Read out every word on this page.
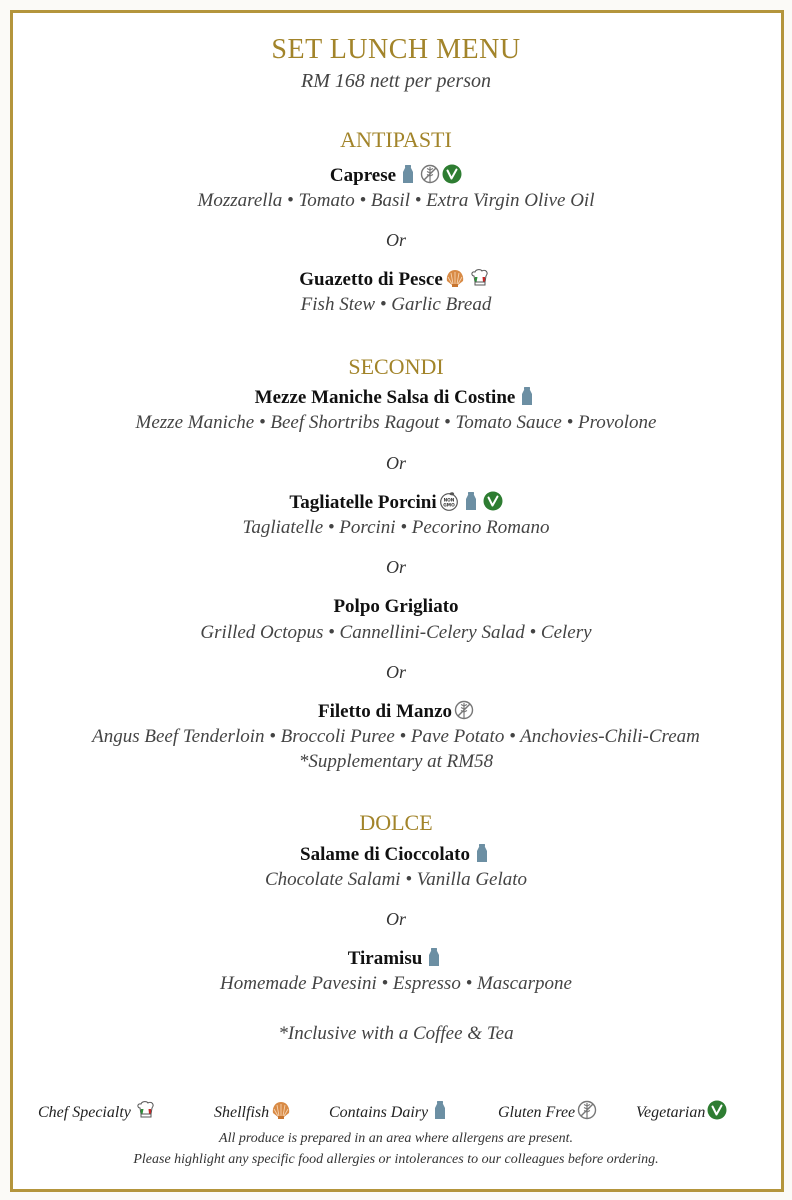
SET LUNCH MENU
RM 168 nett per person
ANTIPASTI
Caprese
Mozzarella • Tomato • Basil • Extra Virgin Olive Oil
Or
Guazetto di Pesce
Fish Stew • Garlic Bread
SECONDI
Mezze Maniche Salsa di Costine
Mezze Maniche • Beef Shortribs Ragout • Tomato Sauce • Provolone
Or
Tagliatelle Porcini
Tagliatelle • Porcini • Pecorino Romano
Or
Polpo Grigliato
Grilled Octopus • Cannellini-Celery Salad • Celery
Or
Filetto di Manzo
Angus Beef Tenderloin • Broccoli Puree • Pave Potato • Anchovies-Chili-Cream
*Supplementary at RM58
DOLCE
Salame di Cioccolato
Chocolate Salami • Vanilla Gelato
Or
Tiramisu
Homemade Pavesini • Espresso • Mascarpone
*Inclusive with a Coffee & Tea
Chef Specialty	Shellfish	Contains Dairy	Gluten Free	Vegetarian
All produce is prepared in an area where allergens are present.
Please highlight any specific food allergies or intolerances to our colleagues before ordering.
